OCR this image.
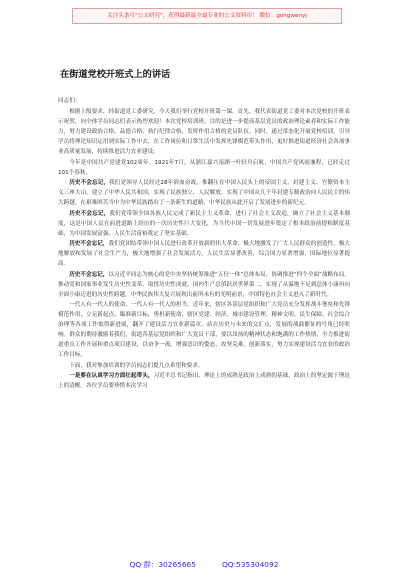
关注头条号"公文研究"，获得最新最全最专业的公文资料库！ 微信：gongwenyj
在街道党校开班式上的讲话

同志们：

根据上级要求，经街道党工委研究，今天我们举行党校开班第一课。首先，我代表街道党工委对本次党校的开班表示祝贺，向全体学员同志们表示热烈欢迎！本次党校培训班，目的是进一步提高基层党员的政治理论素养和实际工作能力，努力建设政治合格、品德合格、执行纪律合格、发挥作用合格的党员队伍。同时，通过常态化开展党校培训，引导学员将理论知识运用到实际工作中去，在工作岗位和日常生活中发挥先锋模范带头作用，更好推进街道经济社会各项事业高质量发展，持续推进活力宜业建设。

今年是中国共产党建党102周年。1921年7月，从浙江嘉兴南湖一叶轻舟启航，中国共产党风雨兼程，已经走过101个春秋。

历史不会忘记，我们党领导人民经过28年浴血奋战，推翻压在中国人民头上的帝国主义、封建主义、官僚资本主义三座大山，建立了中华人民共和国，实现了民族独立、人民解放。实现了中国从几千年封建专制政治向人民民主的伟大跨越。在艰难困苦当中为中华民族踏出了一条新生的道路，中华民族从此开启了发展进步的新纪元。

历史不会忘记，我们党带领全国各族人民完成了新民主主义革命，进行了社会主义改造，确立了社会主义基本制度，这是中国人民在前进道路上经历的一次历史性巨大变化，为当代中国一切发展进步奠定了根本政治前提和制度基础，为中国发展富强、人民生活富裕奠定了坚实基础。

历史不会忘记，我们党团结带领中国人民进行改革开放新的伟大革命，极大地激发了广大人民群众的创造性，极大地解放和发展了社会生产力，极大地增强了社会发展活力，人民生活显著改善，综合国力显著增强，国际地位显著提高。

历史不会忘记，以习近平同志为核心的党中央坚持统筹推进“五位一体”总体布局、协调推进“四个全面”战略布局，推动党和国家事业发生历史性变革、取得历史性成就，国内生产总值跃居世界第二，实现了从温饱不足到总体小康再向全面小康迈进的历史性跨越，中华民族伟大复兴展现出前所未有的光明前景，中国特色社会主义进入了新时代。

一代人有一代人的使命，一代人有一代人的担当。近年来，辖区各基层党组织和广大党员充分发挥战斗堡垒和先锋模范作用，立足新起点、瞄准新目标，勇担新使命，辖区党建、经济、城市建设管理、精神文明、民生保障、社会综合治理等各项工作取得新进展，翻开了建设活力宜业新篇章。站在历史与未来的交汇点，发展的战鼓催征的号角已经吹响。群众的期待激励着我们，街道各基层党组织和广大党员干部，要以昂扬的精神状态和饱满的工作热情，全力推进街道重点工作开展和重点项目建设，以奋争一流、增强意识的姿态，攻坚克难，创新落实，努力实现建设活力宜业的政治工作目标。

下面，我对参加培训的学员同志们提几点希望和要求。

一是要在认真学习方面壮起带头，习近平总书记指出，理论上的成熟是政治上成熟的基础，政治上的坚定源于理论上的清醒。各位学员要珍惜本次学习

QQ 群：30265665	QQ:535304092
